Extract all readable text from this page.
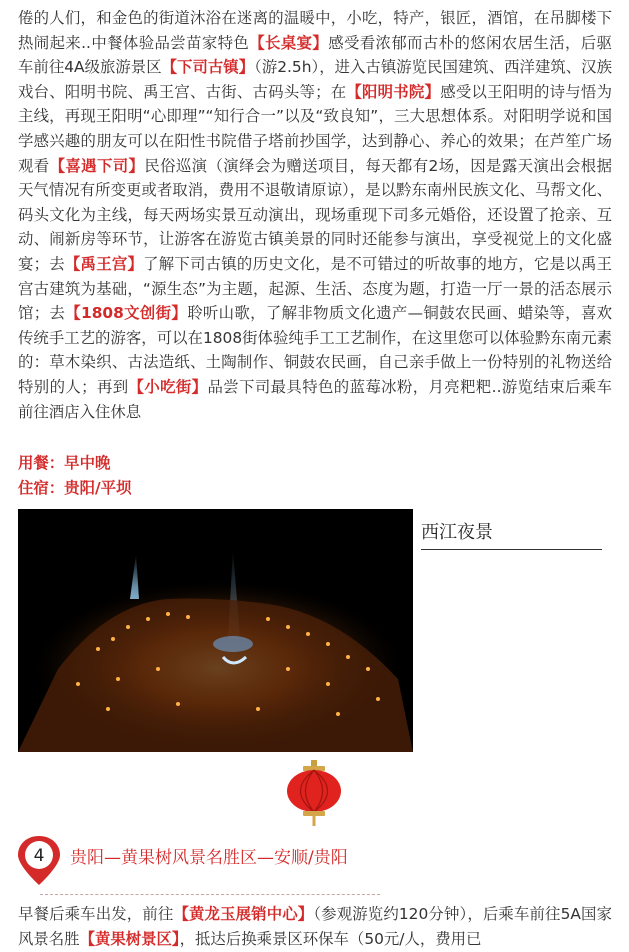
倦的人们，和金色的街道沐浴在迷离的温暖中，小吃，特产，银匠，酒馆，在吊脚楼下热闹起来..中餐体验品尝苗家特色【长桌宴】感受看浓郁而古朴的悠闲农居生活，后驱车前往4A级旅游景区【下司古镇】（游2.5h），进入古镇游览民国建筑、西洋建筑、汉族戏台、阳明书院、禹王宫、古街、古码头等；在【阳明书院】感受以王阳明的诗与悟为主线，再现王阳明“心即理”“知行合一”以及“致良知”，三大思想体系。对阳明学说和国学感兴趣的朋友可以在阳性书院借子塔前抄国学，达到静心、养心的效果；在芦笙广场观看【喜遇下司】民俗巡演（演绎会为赠送项目，每天都有2场，因是露天演出会根据天气情况有所变更或者取消，费用不退敬请原谅），是以黔东南州民族文化、马帮文化、码头文化为主线，每天两场实景互动演出，现场重现下司多元婚俗，还设置了抢亲、互动、闹新房等环节，让游客在游览古镇美景的同时还能参与演出，享受视觉上的文化盛宴；去【禹王宫】了解下司古镇的历史文化，是不可错过的听故事的地方，它是以禹王宫古建筑为基础，“源生态”为主题，起源、生活、态度为题，打造一厅一景的活态展示馆；去【1808文创街】聆听山歌，了解非物质文化遗产—铜鼓农民画、蜡染等，喜欢传统手工艺的游客，可以在1808街体验纯手工工艺制作，在这里您可以体验黔东南元素的：草木染织、古法造纸、土陶制作、铜鼓农民画，自己亲手做上一份特别的礼物送给特别的人；再到【小吃街】品尝下司最具特色的蓝莓冰粉，月亮粑粑..游览结束后乘车前往酒店入住休息

用餐：早中晚
住宿：贵阳/平坝
西江夜景
4 贵阳—黄果树风景名胜区—安顺/贵阳

早餐后乘车出发，前往【黄龙玉展销中心】（参观游览约120分钟），后乘车前往5A国家风景名胜【黄果树景区】，抵达后换乘景区环保车（50元/人，费用已
